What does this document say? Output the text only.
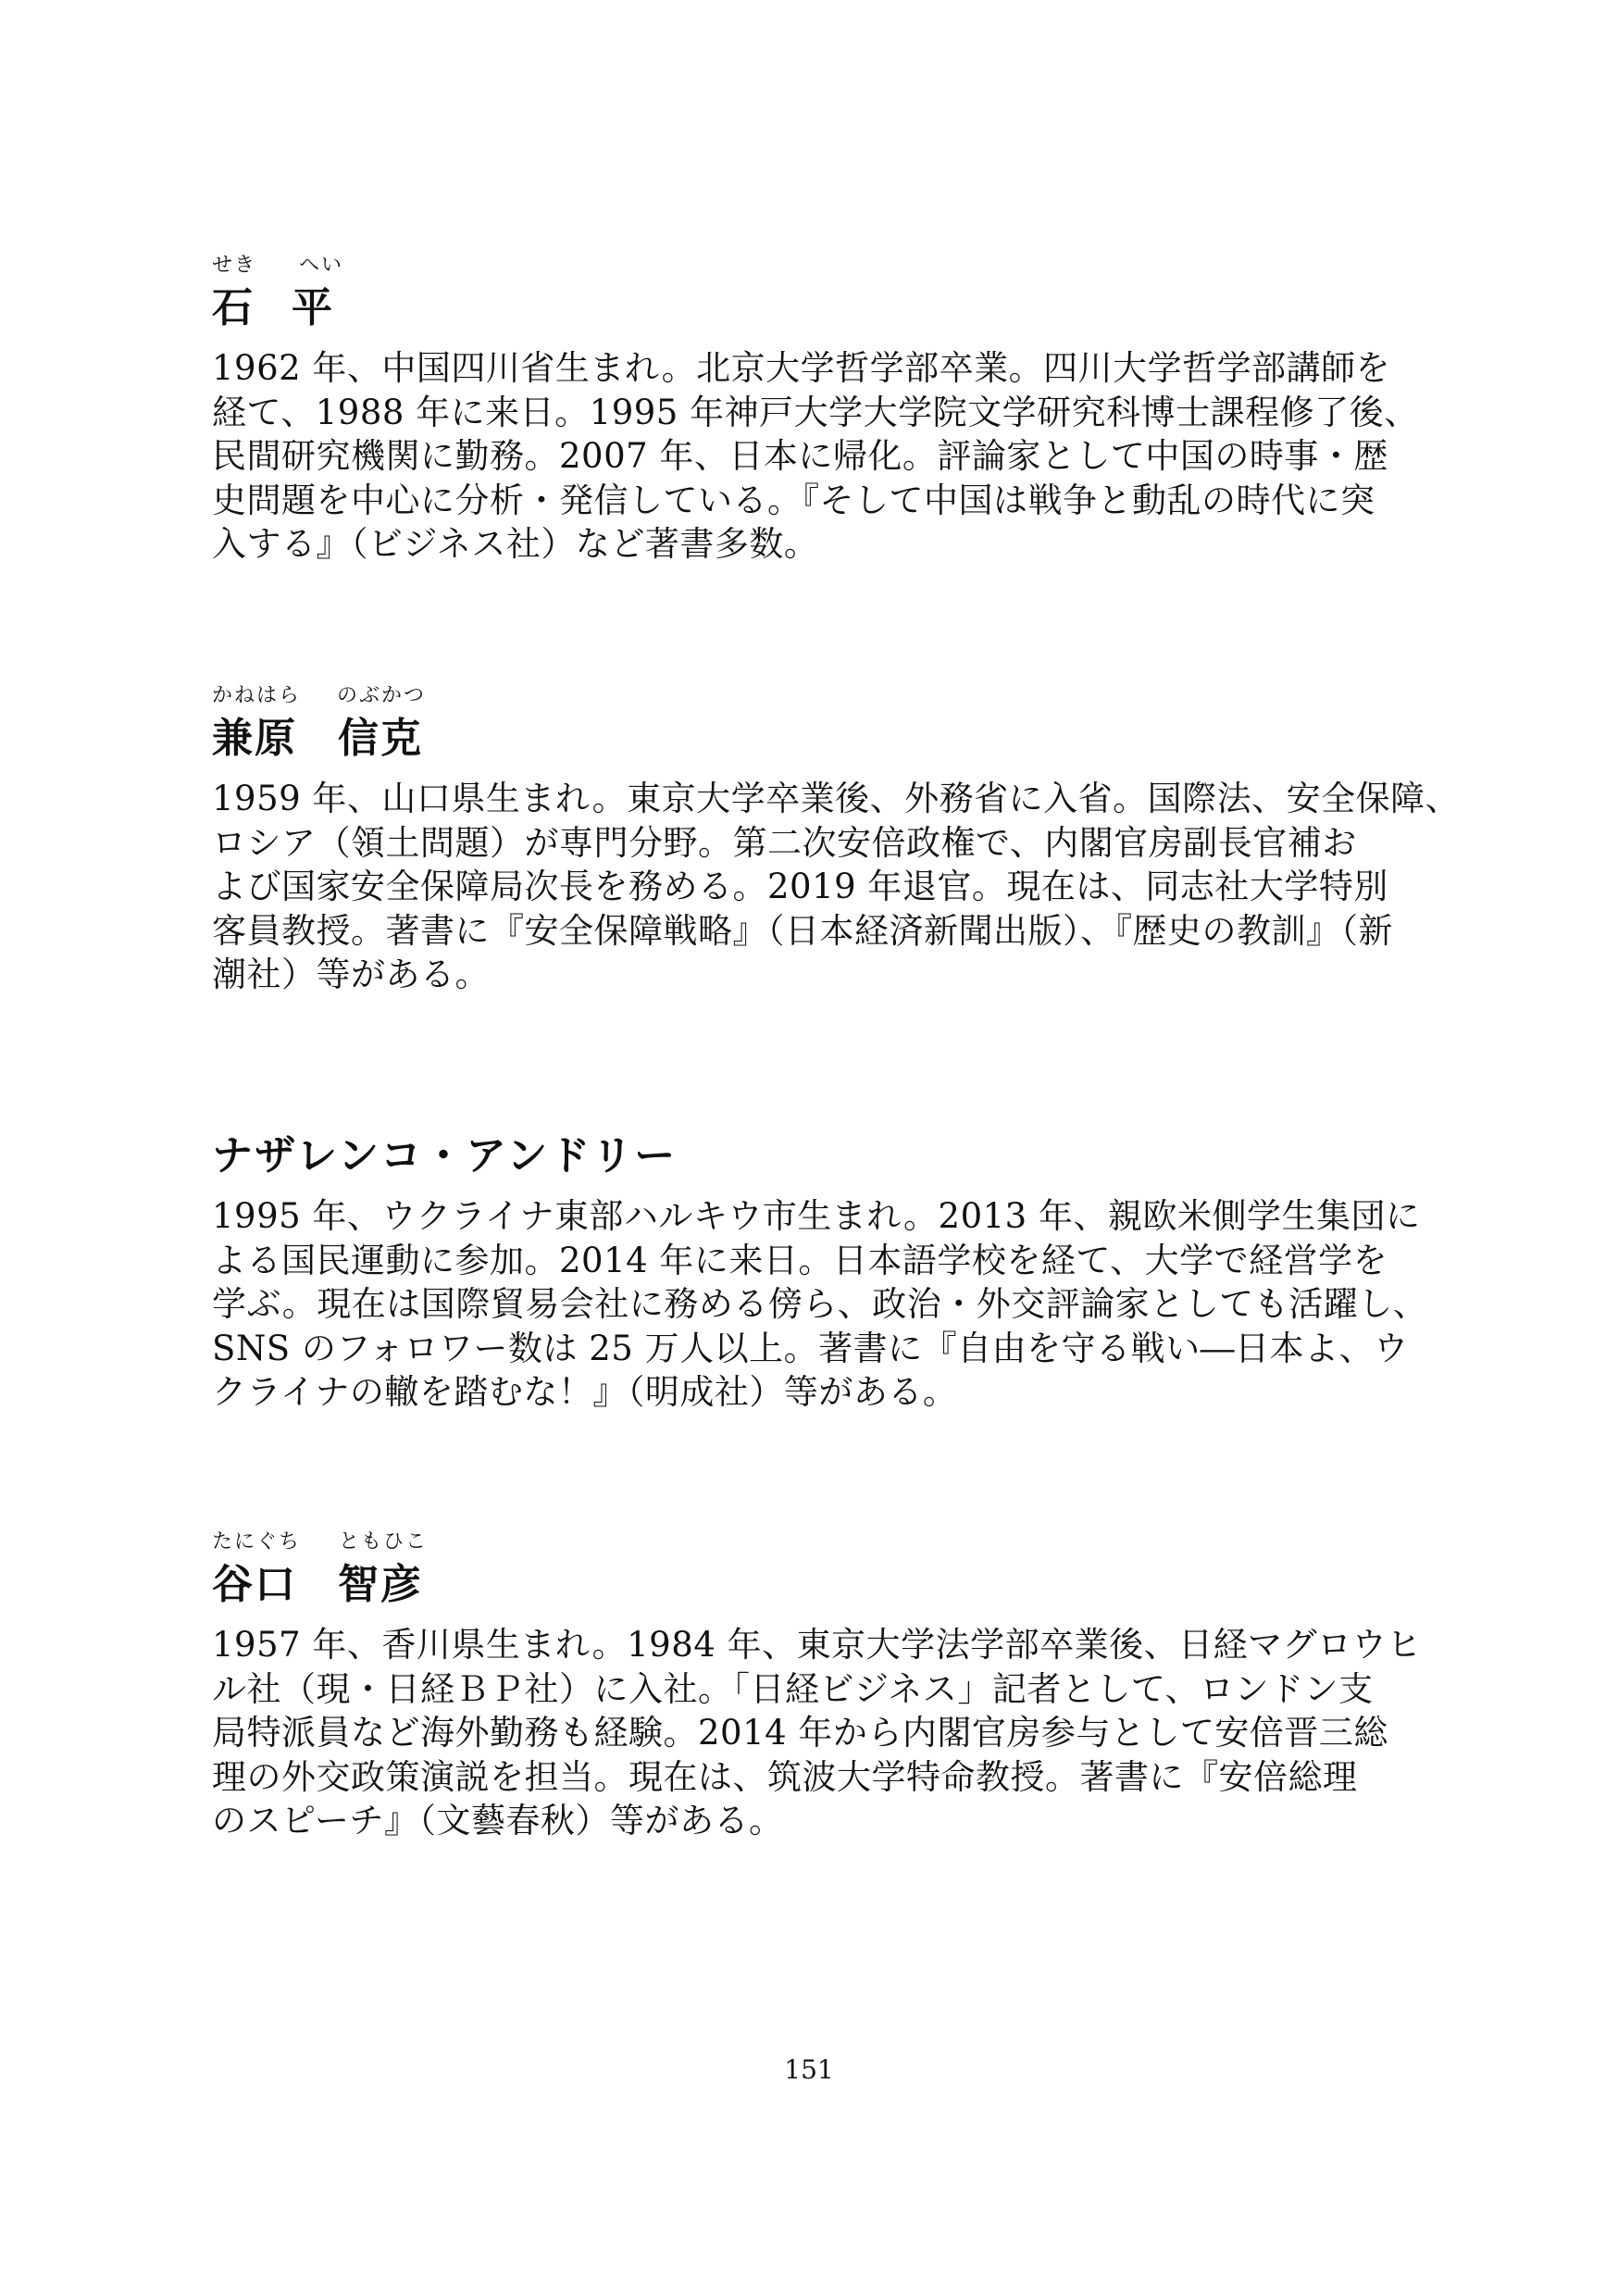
せき へい
石 平
1962 年、中国四川省生まれ。北京大学哲学部卒業。四川大学哲学部講師を
経て、1988 年に来日。1995 年神戸大学大学院文学研究科博士課程修了後、
民間研究機関に勤務。2007 年、日本に帰化。評論家として中国の時事・歴
史問題を中心に分析・発信している。『そして中国は戦争と動乱の時代に突
入する』（ビジネス社）など著書多数。
かねはら のぶかつ
兼原 信克
1959 年、山口県生まれ。東京大学卒業後、外務省に入省。国際法、安全保障、
ロシア（領土問題）が専門分野。第二次安倍政権で、内閣官房副長官補お
よび国家安全保障局次長を務める。2019 年退官。現在は、同志社大学特別
客員教授。著書に『安全保障戦略』（日本経済新聞出版）、『歴史の教訓』（新
潮社）等がある。
ナザレンコ・アンドリー
1995 年、ウクライナ東部ハルキウ市生まれ。2013 年、親欧米側学生集団に
よる国民運動に参加。2014 年に来日。日本語学校を経て、大学で経営学を
学ぶ。現在は国際貿易会社に務める傍ら、政治・外交評論家としても活躍し、
SNS のフォロワー数は 25 万人以上。著書に『自由を守る戦い―日本よ、ウ
クライナの轍を踏むな！』（明成社）等がある。
たにぐち ともひこ
谷口 智彦
1957 年、香川県生まれ。1984 年、東京大学法学部卒業後、日経マグロウヒ
ル社（現・日経ＢＰ社）に入社。「日経ビジネス」記者として、ロンドン支
局特派員など海外勤務も経験。2014 年から内閣官房参与として安倍晋三総
理の外交政策演説を担当。現在は、筑波大学特命教授。著書に『安倍総理
のスピーチ』（文藝春秋）等がある。
151
